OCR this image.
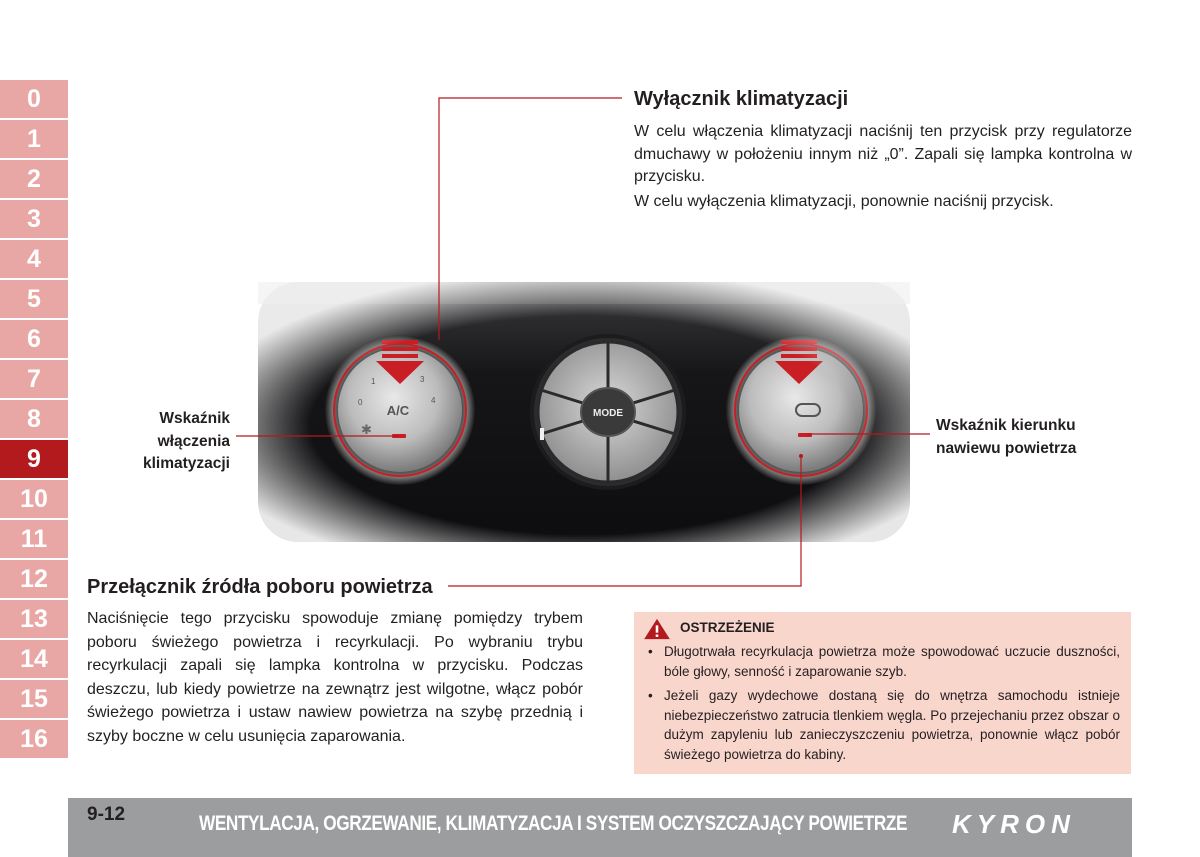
0
1
2
3
4
5
6
7
8
9
10
11
12
13
14
15
16
Wyłącznik klimatyzacji

W celu włączenia klimatyzacji naciśnij ten przycisk przy regulatorze dmuchawy w położeniu innym niż „0”. Zapali się lampka kontrolna w przycisku.

W celu wyłączenia klimatyzacji, ponownie naciśnij przycisk.

Wskaźnik
włączenia
klimatyzacji
Wskaźnik kierunku
nawiewu powietrza
Przełącznik źródła poboru powietrza

Naciśnięcie tego przycisku spowoduje zmianę pomiędzy trybem poboru świeżego powietrza i recyrkulacji. Po wybraniu trybu recyrkulacji zapali się lampka kontrolna w przycisku. Podczas deszczu, lub kiedy powietrze na zewnątrz jest wilgotne, włącz pobór świeżego powietrza i ustaw nawiew powietrza na szybę przednią i szyby boczne w celu usunięcia zaparowania.

OSTRZEŻENIE
• Długotrwała recyrkulacja powietrza może spowodować uczucie duszności, bóle głowy, senność i zaparowanie szyb.
• Jeżeli gazy wydechowe dostaną się do wnętrza samochodu istnieje niebezpieczeństwo zatrucia tlenkiem węgla. Po przejechaniu przez obszar o dużym zapyleniu lub zanieczyszczeniu powietrza, ponownie włącz pobór świeżego powietrza do kabiny.
9-12	WENTYLACJA, OGRZEWANIE, KLIMATYZACJA I SYSTEM OCZYSZCZAJĄCY POWIETRZE KYRON
